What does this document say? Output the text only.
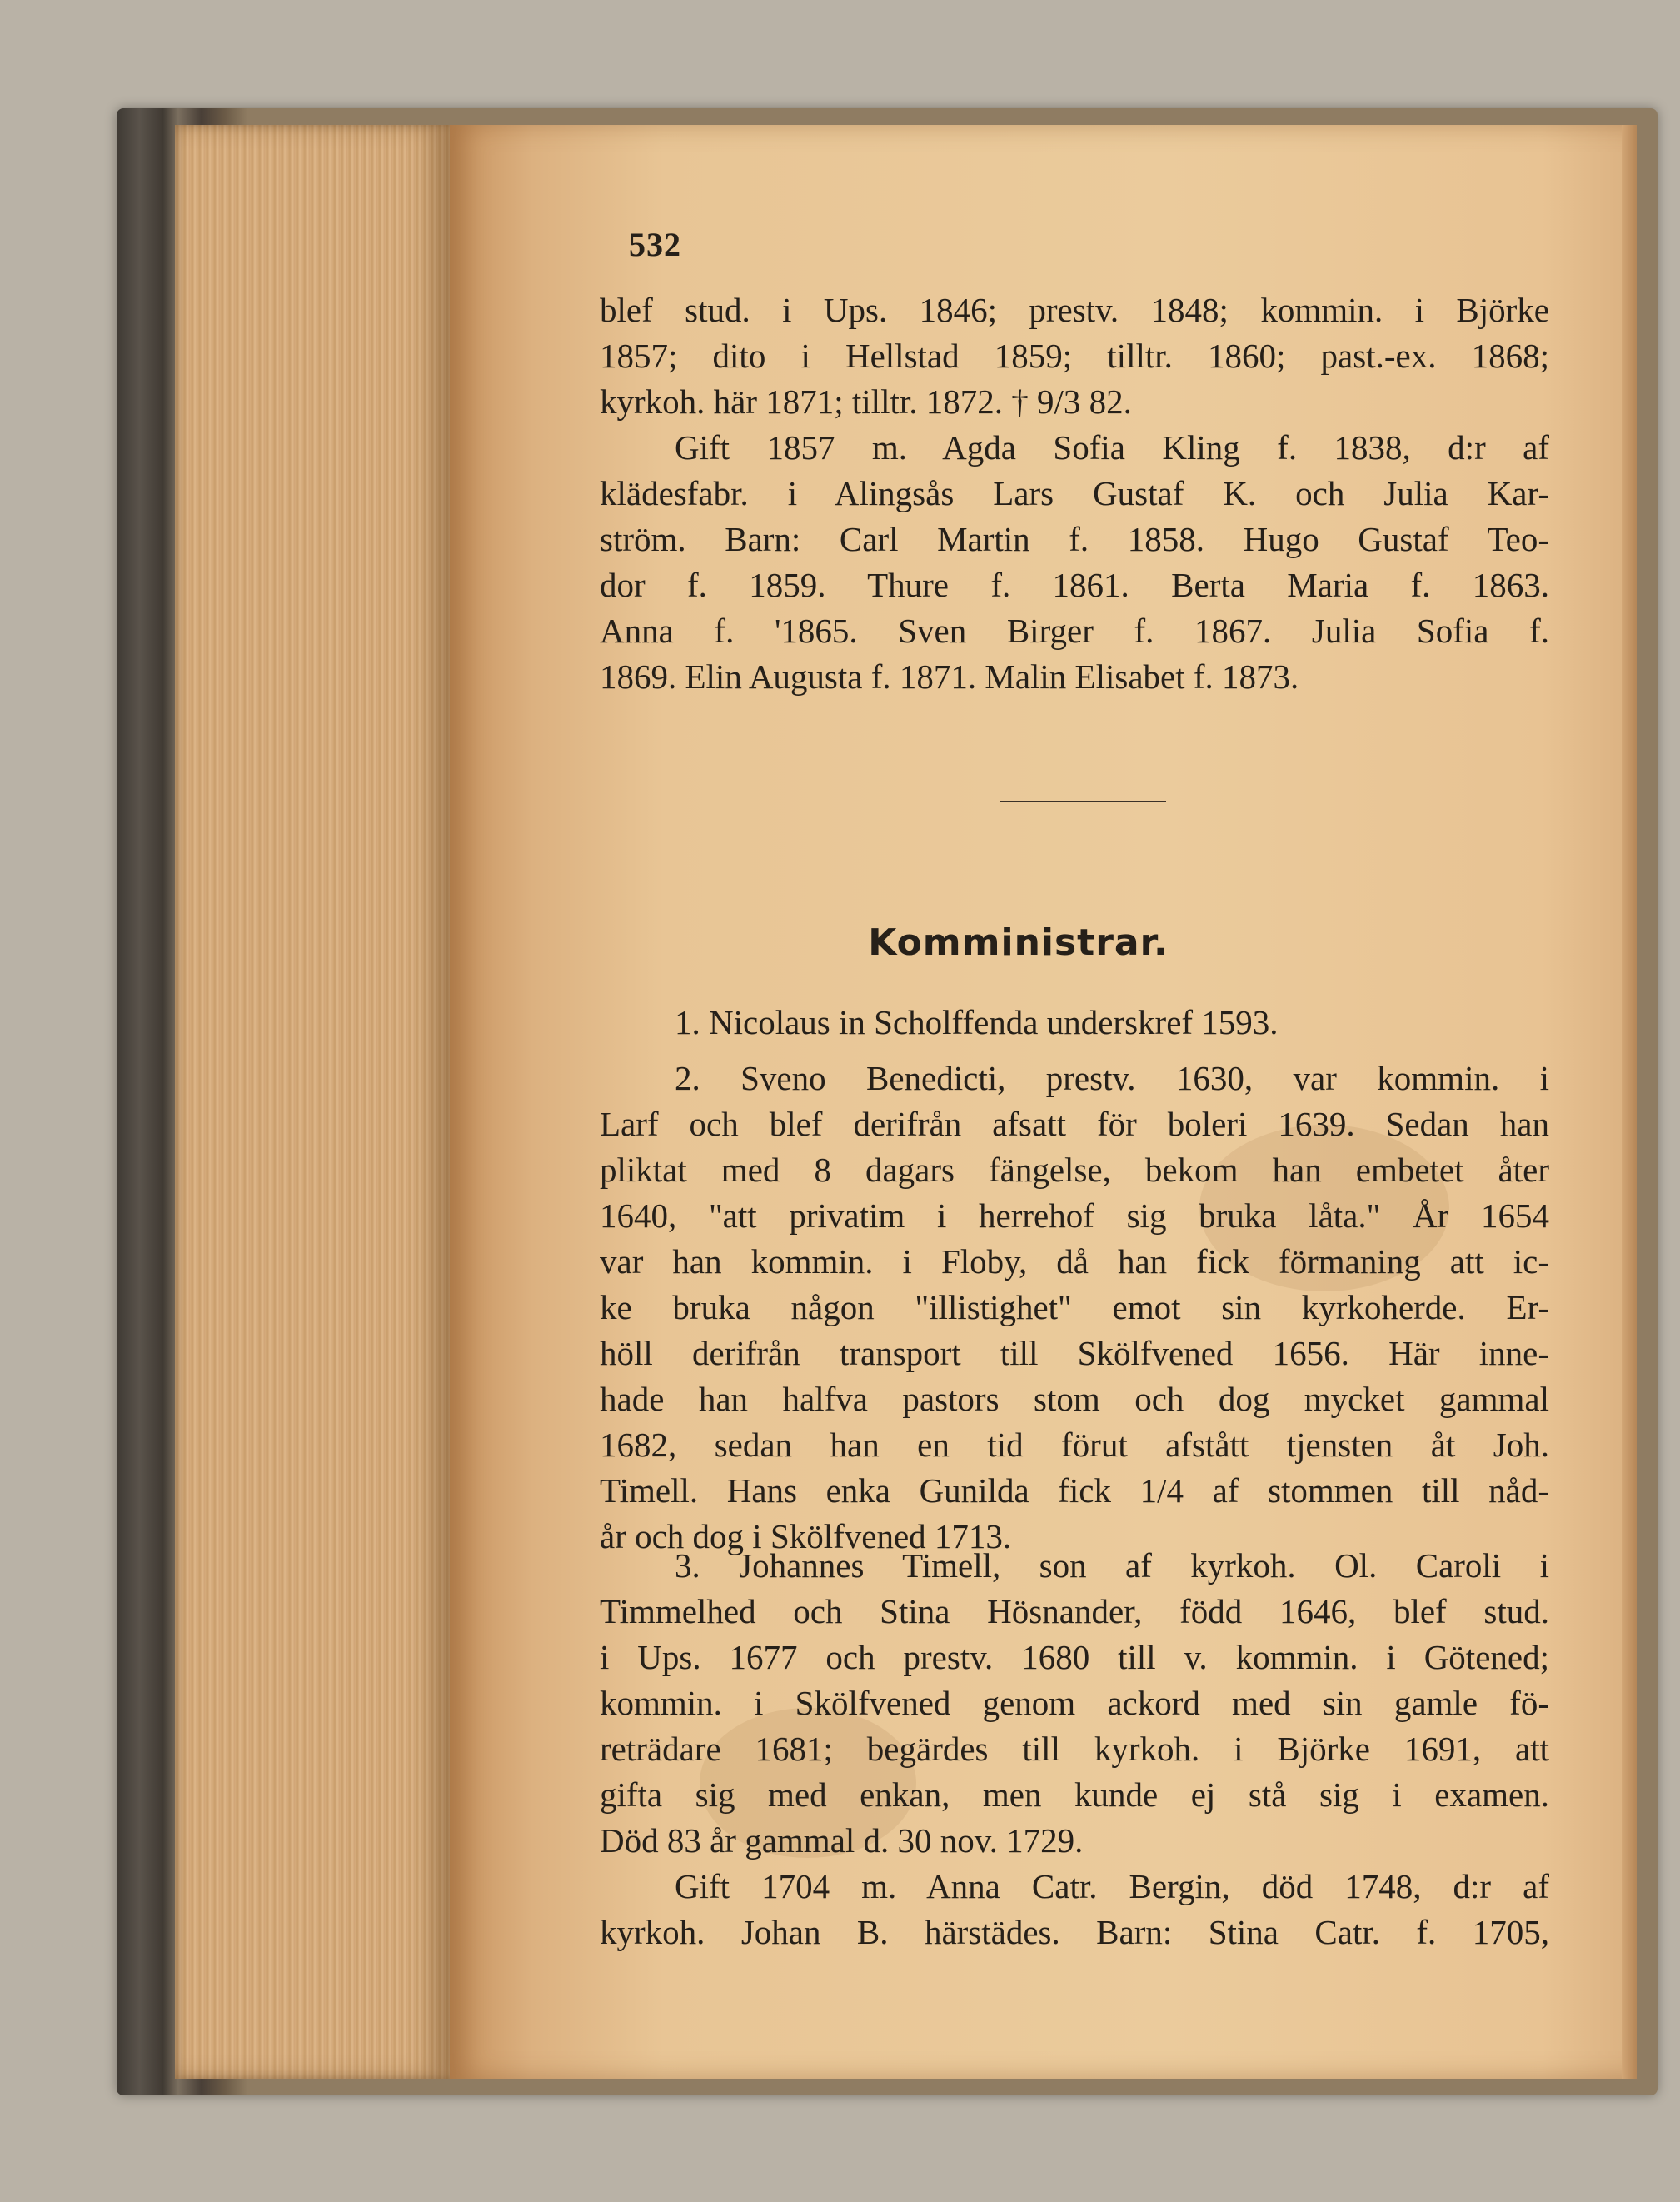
532
blef stud. i Ups. 1846; prestv. 1848; kommin. i Björke
1857; dito i Hellstad 1859; tilltr. 1860; past.-ex. 1868;
kyrkoh. här 1871; tilltr. 1872. † 9/3 82.
Gift 1857 m. Agda Sofia Kling f. 1838, d:r af
klädesfabr. i Alingsås Lars Gustaf K. och Julia Kar-
ström. Barn: Carl Martin f. 1858. Hugo Gustaf Teo-
dor f. 1859. Thure f. 1861. Berta Maria f. 1863.
Anna f. '1865. Sven Birger f. 1867. Julia Sofia f.
1869. Elin Augusta f. 1871. Malin Elisabet f. 1873.
Komministrar.
1. Nicolaus in Scholffenda underskref 1593.
2. Sveno Benedicti, prestv. 1630, var kommin. i
Larf och blef derifrån afsatt för boleri 1639. Sedan han
pliktat med 8 dagars fängelse, bekom han embetet åter
1640, "att privatim i herrehof sig bruka låta." År 1654
var han kommin. i Floby, då han fick förmaning att ic-
ke bruka någon "illistighet" emot sin kyrkoherde. Er-
höll derifrån transport till Skölfvened 1656. Här inne-
hade han halfva pastors stom och dog mycket gammal
1682, sedan han en tid förut afstått tjensten åt Joh.
Timell. Hans enka Gunilda fick 1/4 af stommen till nåd-
år och dog i Skölfvened 1713.
3. Johannes Timell, son af kyrkoh. Ol. Caroli i
Timmelhed och Stina Hösnander, född 1646, blef stud.
i Ups. 1677 och prestv. 1680 till v. kommin. i Götened;
kommin. i Skölfvened genom ackord med sin gamle fö-
reträdare 1681; begärdes till kyrkoh. i Björke 1691, att
gifta sig med enkan, men kunde ej stå sig i examen.
Död 83 år gammal d. 30 nov. 1729.
Gift 1704 m. Anna Catr. Bergin, död 1748, d:r af
kyrkoh. Johan B. härstädes. Barn: Stina Catr. f. 1705,
